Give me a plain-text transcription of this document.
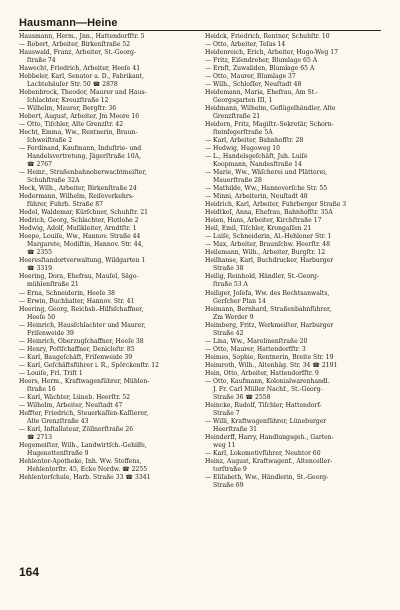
Hausmann—Heine
Hausmann, Herm., Jnn., Hattendorfſtr. 5
— Robert, Arbeiter, Birkenſtraße 52
Hauswald, Franz, Arbeiter, St.-Georg-
ſtraße 74
Hawecht, Friedrich, Arbeiter, Heeſe 41
Hebbeler, Karl, Senator a. D., Fabrikant,
Lachtehäuſer Str. 50 ☎ 2878
Hebenbrock, Theodor, Maurer und Haus-
ſchlachter, Kreuzſtraße 12
— Wilhelm, Maurer, Bergſtr. 36
Hebert, August, Arbeiter, Jm Moore 16
— Otto, Tiſchler, Alte Grenzſtr. 42
Hecht, Emma, Ww., Rentnerin, Braun-
ſchweiſtraße 2
— Ferdinand, Kaufmann, Induſtrie- und
Handelsvertretung, Jägerſtraße 10A,
☎ 2767
— Heinr., Straßenbahnoberwachtmeiſter,
Schuhſtraße 32A
Heck, Wilh., Arbeiter, Birkenſtraße 24
Hedermann, Wilhelm, Reiſeverkehrs-
führer, Fuhrb. Straße 87
Hedel, Waldemar, Kürſchner, Schuhſtr. 21
Hedrich, Georg, Schlachter, Flotlohe 2
Hedwig, Adolf, Muſikleiter, Arndtſtr. 1
Heepe, Louiſe, Ww., Hannov. Straße 44
Margarete, Modiſtin, Hannov. Str. 44,
☎ 2355
Heeresſtandortverwaltung, Wildgarten 1
☎ 3319
Heering, Dora, Ehefrau, Mauſel, Säge-
mühlenſtraße 21
— Erna, Schneiderin, Heeſe 38
— Erwin, Buchhalter, Hannov. Str. 41
Heering, Georg, Reichsb.-Hilfsſchaffner,
Heeſe 50
— Heinrich, Hausſchlachter und Maurer,
Friſenweide 39
— Heinrich, Oberzugſchaffner, Heeſe 38
— Henry, Poſtſchaffner, Denicleſtr. 85
— Karl, Baugeſchäft, Friſenweide 39
— Karl, Geſchäftsführer i. R., Spörckenſtr. 12
— Louiſe, Frl. Triſt 1
Heers, Herm., Kraftwagenführer, Mühlen-
ſtraße 16
— Karl, Wächter, Lüneb. Heerſtr. 52
— Wilhelm, Arbeiter, Neuſtadt 47
Heffter, Friedrich, Steuerkaſſen-Kaſſierer,
Alte Grenzſtraße 43
— Karl, Inſtallateur, Zöllnerſtraße 26
☎ 2713
Hegemeiſter, Wilh., Landwirtſch.-Gehilfe,
Hugenottenſtraße 9
Hehlentor-Apotheke, Inh. Ww. Steffens,
Hehlentorſtr. 45, Ecke Nordw. ☎ 2255
Hehlentorſchule, Harb. Straße 33 ☎ 3341
Heidck, Friedrich, Rentner, Schuhſtr. 10
— Otto, Arbeiter, Teſas 14
Heidenreich, Erich, Arbeiter, Hugo-Weg 17
— Fritz, Eiſendreher, Blumlage 65 A
— Ernſt, Zuwaliden, Blumlage 65 A
— Otto, Maurer, Blumlage 37
— Wilh., Schloſſer, Neuſtadt 48
Heidemann, Maria, Ehefrau, Am St.-
Georgsgarten III, 1
Heidmann, Wilhelm, Geflügelhändler, Alte
Grenzſtraße 21
Heidorn, Fritz, Magiſtr.-Sekretär, Schorn-
ſteinfegerſtraße 5A
— Karl, Arbeiter, Bahnhofſtr. 28
— Hedwig, Hugoweg 10
— L., Handelsgeſchäft, Juh. Luiſe
Koopmann, Nandesſtraße 14
— Marie, Ww., Wäſcherei und Plätterei,
Mauerſtraße 28
— Mathilde, Ww., Hannoverſche Str. 55
— Minni, Arbeiterin, Neuſtadt 48
Heidrich, Karl, Arbeiter, Fuhrberger Straße 3
Heidtkeſ, Anna, Ehefrau, Bahnhofſtr. 35A
Heien, Hans, Arbeiter, Kirchſtraße 17
Heil, Emil, Tiſchler, Krongaſſen 21
— Luiſe, Schneiderin, Al.-Hehlener Str. 1
— Max, Arbeiter, Braunſchw. Heerſtr. 48
Heilemann, Wilh., Arbeiter, Burgſtr. 12
Heilhanse, Karl, Buchdrucker, Harburger
Straße 38
Heilig, Reinhold, Händler, St.-Georg-
ſtraße 53 A
Heiliger, Joſefa, Ww. des Rechtsanwalts,
Gerſcher Plan 14
Heimann, Bernhard, Straßenbahnführer,
Zm Werder 9
Heimberg, Fritz, Werkmeiſter, Harburger
Straße 42
— Lina, Ww., Marelinenſtraße 20
— Otto, Maurer, Hattendorfſtr. 3
Heimes, Sophie, Rentnerin, Breite Str. 19
Heimroth, Wilh., Altenhäg. Str. 34 ☎ 2191
Hein, Otto, Arbeiter, Hattendorfſtr. 9
— Otto, Kaufmann, Kolonialwarenhandl.
J. Fr. Carl Müller Nachf., St.-Georg-
Straße 36 ☎ 2558
Heincke, Rudolf, Tiſchler, Hattendorf-
Straße 7
— Willi, Kraftwagenführer, Lüneburger
Heerſtraße 31
Heinderff, Harry, Handlungsgeh., Garten-
weg 11
— Karl, Lokomotivführer, Neuhtor 60
Heinz, August, Kraftwagenf., Altenceller-
torſtraße 9
— Eliſabeth, Ww., Händlerin, St.-Georg-
Straße 69
164
